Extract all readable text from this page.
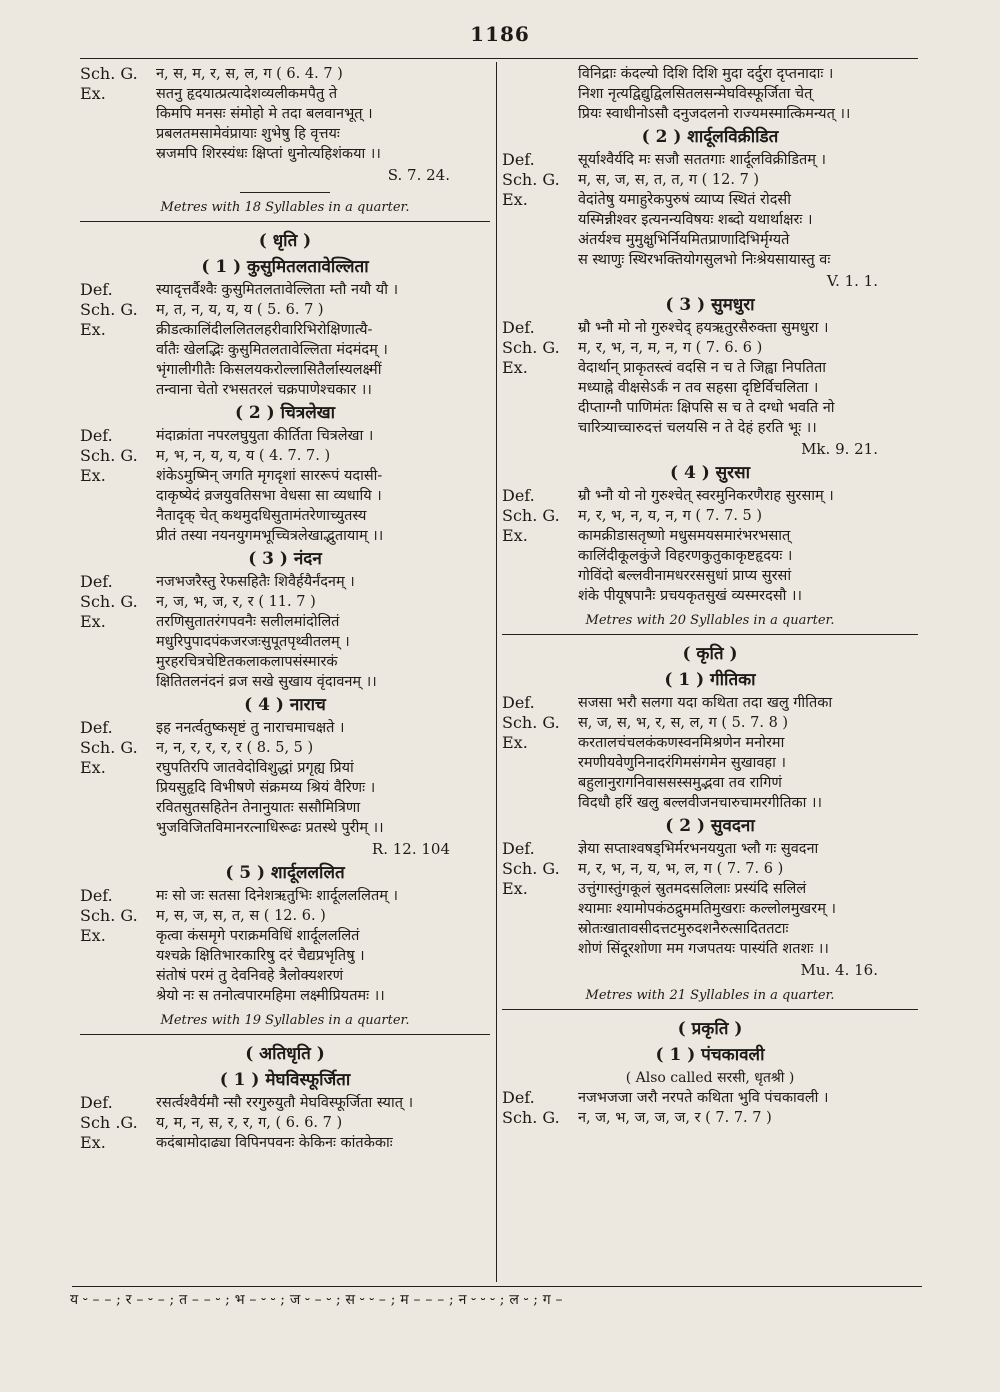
1186
Sch. G.	न, स, म, र, स, ल, ग ( 6. 4. 7 )
Ex.	सतनु हृदयात्प्रत्यादेशव्यलीकमपैतु ते
किमपि मनसः संमोहो मे तदा बलवानभूत् ।
प्रबलतमसामेवंप्रायाः शुभेषु हि वृत्तयः
स्रजमपि शिरस्यंधः क्षिप्तां धुनोत्यहिशंकया ।।
S. 7. 24.
Metres with 18 Syllables in a quarter.
( धृति )
( 1 ) कुसुमितलतावेल्लिता
Def.	स्यादृत्तर्वैश्वैः कुसुमितलतावेल्लिता म्तौ नयौ यौ ।
Sch. G.	म, त, न, य, य, य ( 5. 6. 7 )
Ex.	क्रीडत्कालिंदीललितलहरीवारिभिरोक्षिणात्यै-
र्वातैः खेलद्भिः कुसुमितलतावेल्लिता मंदमंदम् ।
भृंगालीगीतैः किसलयकरोल्लासितैर्लास्यलक्ष्मीं
तन्वाना चेतो रभसतरलं चक्रपाणेश्चकार ।।
( 2 ) चित्रलेखा
Def.	मंदाक्रांता नपरलघुयुता कीर्तिता चित्रलेखा ।
Sch. G.	म, भ, न, य, य, य ( 4. 7. 7. )
Ex.	शंकेऽमुष्मिन् जगति मृगदृशां साररूपं यदासी-
दाकृष्येदं व्रजयुवतिसभा वेधसा सा व्यधायि ।
नैतादृक् चेत् कथमुदधिसुतामंतरेणाच्युतस्य
प्रीतं तस्या नयनयुगमभूच्चित्रलेखाद्भुतायाम् ।।
( 3 ) नंदन
Def.	नजभजरैस्तु रेफसहितैः शिवैर्हयैर्नंदनम् ।
Sch. G.	न, ज, भ, ज, र, र ( 11. 7 )
Ex.	तरणिसुतातरंगपवनैः सलीलमांदोलितं
मधुरिपुपादपंकजरजःसुपूतपृथ्वीतलम् ।
मुरहरचित्रचेष्टितकलाकलापसंस्मारकं
क्षितितलनंदनं व्रज सखे सुखाय वृंदावनम् ।।
( 4 ) नाराच
Def.	इह ननर्त्वतुष्कसृष्टं तु नाराचमाचक्षते ।
Sch. G.	न, न, र, र, र, र ( 8. 5, 5 )
Ex.	रघुपतिरपि जातवेदोविशुद्धां प्रगृह्य प्रियां
प्रियसुहृदि विभीषणे संक्रमय्य श्रियं वैरिणः ।
रवितसुतसहितेन तेनानुयातः ससौमित्रिणा
भुजविजितविमानरत्नाधिरूढः प्रतस्थे पुरीम् ।।
R. 12. 104
( 5 ) शार्दूलललित
Def.	मः सो जः सतसा दिनेशऋतुभिः शार्दूलललितम् ।
Sch. G.	म, स, ज, स, त, स ( 12. 6. )
Ex.	कृत्वा कंसमृगे पराक्रमविधिं शार्दूलललितं
यश्चक्रे क्षितिभारकारिषु दरं चैद्यप्रभृतिषु ।
संतोषं परमं तु देवनिवहे त्रैलोक्यशरणं
श्रेयो नः स तनोत्वपारमहिमा लक्ष्मीप्रियतमः ।।
Metres with 19 Syllables in a quarter.
( अतिधृति )
( 1 ) मेघविस्फूर्जिता
Def.	रसर्त्वश्वैर्यमौ न्सौ ररगुरुयुतौ मेघविस्फूर्जिता स्यात् ।
Sch .G.	य, म, न, स, र, र, ग, ( 6. 6. 7 )
Ex.	कदंबामोदाढ्या विपिनपवनः केकिनः कांतकेकाः
विनिद्राः कंदल्यो दिशि दिशि मुदा दर्दुरा दृप्तनादाः ।
निशा नृत्यद्विद्युद्विलसितलसन्मेघविस्फूर्जिता चेत्
प्रियः स्वाधीनोऽसौ दनुजदलनो राज्यमस्मात्किमन्यत् ।।
( 2 ) शार्दूलविक्रीडित
Def.	सूर्याश्वैर्यदि मः सजौ सततगाः शार्दूलविक्रीडितम् ।
Sch. G.	म, स, ज, स, त, त, ग ( 12. 7 )
Ex.	वेदांतेषु यमाहुरेकपुरुषं व्याप्य स्थितं रोदसी
यस्मिन्नीश्वर इत्यनन्यविषयः शब्दो यथार्थाक्षरः ।
अंतर्यश्च मुमुक्षुभिर्नियमितप्राणादिभिर्मृग्यते
स स्थाणुः स्थिरभक्तियोगसुलभो निःश्रेयसायास्तु वः
V. 1. 1.
( 3 ) सुमधुरा
Def.	म्रौ भ्नौ मो नो गुरुश्चेद् हयऋतुरसैरुक्ता सुमधुरा ।
Sch. G.	म, र, भ, न, म, न, ग ( 7. 6. 6 )
Ex.	वेदार्थान् प्राकृतस्त्वं वदसि न च ते जिह्वा निपतिता
मध्याह्ने वीक्षसेऽर्कं न तव सहसा दृष्टिर्विचलिता ।
दीप्ताग्नौ पाणिमंतः क्षिपसि स च ते दग्धो भवति नो
चारित्र्याच्चारुदत्तं चलयसि न ते देहं हरति भूः ।।
Mk. 9. 21.
( 4 ) सुरसा
Def.	म्रौ भ्नौ यो नो गुरुश्चेत् स्वरमुनिकरणैराह सुरसाम् ।
Sch. G.	म, र, भ, न, य, न, ग ( 7. 7. 5 )
Ex.	कामक्रीडासतृष्णो मधुसमयसमारंभरभसात्
कालिंदीकूलकुंजे विहरणकुतुकाकृष्टहृदयः ।
गोविंदो बल्लवीनामधररससुधां प्राप्य सुरसां
शंके पीयूषपानैः प्रचयकृतसुखं व्यस्मरदसौ ।।
Metres with 20 Syllables in a quarter.
( कृति )
( 1 ) गीतिका
Def.	सजसा भरौ सलगा यदा कथिता तदा खलु गीतिका
Sch. G.	स, ज, स, भ, र, स, ल, ग ( 5. 7. 8 )
Ex.	करतालचंचलकंकणस्वनमिश्रणेन मनोरमा
रमणीयवेणुनिनादरंगिमसंगमेन सुखावहा ।
बहुलानुरागनिवाससस्समुद्भवा तव रागिणं
विदधौ हरिं खलु बल्लवीजनचारुचामरगीतिका ।।
( 2 ) सुवदना
Def.	ज्ञेया सप्ताश्वषड्भिर्मरभनययुता भ्लौ गः सुवदना
Sch. G.	म, र, भ, न, य, भ, ल, ग ( 7. 7. 6 )
Ex.	उत्तुंगास्तुंगकूलं स्रुतमदसलिलाः प्रस्यंदि सलिलं
श्यामाः श्यामोपकंठद्रुममतिमुखराः कल्लोलमुखरम् ।
स्रोतःखातावसीदत्तटमुरुदशनैरुत्सादिततटाः
शोणं सिंदूरशोणा मम गजपतयः पास्यंति शतशः ।।
Mu. 4. 16.
Metres with 21 Syllables in a quarter.
( प्रकृति )
( 1 ) पंचकावली
( Also called सरसी, धृतश्री )
Def.	नजभजजा जरौ नरपते कथिता भुवि पंचकावली ।
Sch. G.	न, ज, भ, ज, ज, ज, र ( 7. 7. 7 )
य ⏑ – – ; र – ⏑ – ; त – – ⏑ ; भ – ⏑ ⏑ ; ज ⏑ – ⏑ ; स ⏑ ⏑ – ; म – – – ; न ⏑ ⏑ ⏑ ; ल ⏑ ; ग –
